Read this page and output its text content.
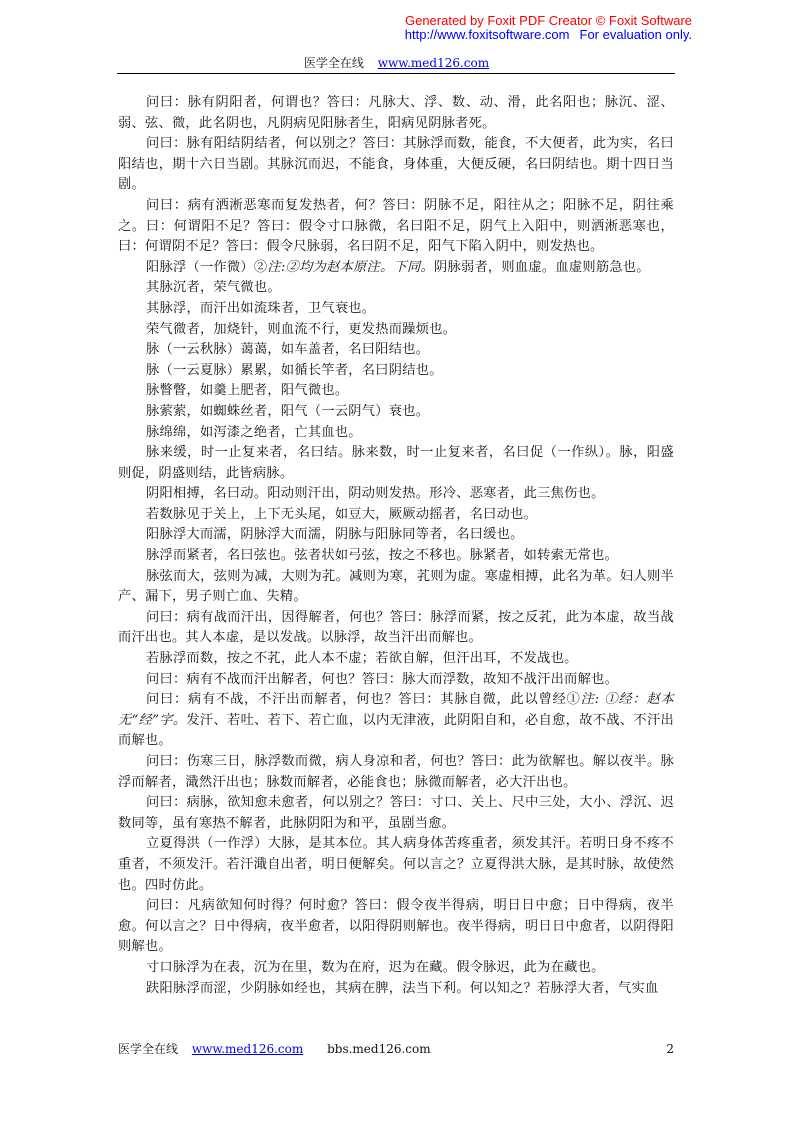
Generated by Foxit PDF Creator © Foxit Software
http://www.foxitsoftware.com For evaluation only.
医学全在线 www.med126.com

问曰：脉有阴阳者，何谓也？答曰：凡脉大、浮、数、动、滑，此名阳也；脉沉、涩、弱、弦、微，此名阴也，凡阴病见阳脉者生，阳病见阴脉者死。

问曰：脉有阳结阴结者，何以别之？答曰：其脉浮而数，能食，不大便者，此为实，名曰阳结也，期十六日当剧。其脉沉而迟，不能食，身体重，大便反硬，名曰阴结也。期十四日当剧。

问曰：病有洒淅恶寒而复发热者，何？答曰：阴脉不足，阳往从之；阳脉不足，阴往乘之。曰：何谓阳不足？答曰：假令寸口脉微，名曰阳不足，阴气上入阳中，则洒淅恶寒也，曰：何谓阴不足？答曰：假令尺脉弱，名曰阴不足，阳气下陷入阴中，则发热也。

阳脉浮（一作微）②注:②均为赵本原注。下同。阴脉弱者，则血虚。血虚则筋急也。

其脉沉者，荣气微也。

其脉浮，而汗出如流珠者，卫气衰也。

荣气微者，加烧针，则血流不行，更发热而躁烦也。

脉（一云秋脉）蔼蔼，如车盖者，名曰阳结也。

脉（一云夏脉）累累，如循长竿者，名曰阴结也。

脉瞥瞥，如羹上肥者，阳气微也。

脉萦萦，如蜘蛛丝者，阳气（一云阴气）衰也。

脉绵绵，如泻漆之绝者，亡其血也。

脉来缓，时一止复来者，名曰结。脉来数，时一止复来者，名曰促（一作纵）。脉，阳盛则促，阴盛则结，此皆病脉。

阴阳相搏，名曰动。阳动则汗出，阴动则发热。形冷、恶寒者，此三焦伤也。

若数脉见于关上，上下无头尾，如豆大，厥厥动摇者，名曰动也。

阳脉浮大而濡，阴脉浮大而濡，阴脉与阳脉同等者，名曰缓也。

脉浮而紧者，名曰弦也。弦者状如弓弦，按之不移也。脉紧者，如转索无常也。

脉弦而大，弦则为减，大则为芤。减则为寒，芤则为虚。寒虚相搏，此名为革。妇人则半产、漏下，男子则亡血、失精。

问曰：病有战而汗出，因得解者，何也？答曰：脉浮而紧，按之反芤，此为本虚，故当战而汗出也。其人本虚，是以发战。以脉浮，故当汗出而解也。

若脉浮而数，按之不芤，此人本不虚；若欲自解，但汗出耳，不发战也。

问曰：病有不战而汗出解者，何也？答曰：脉大而浮数，故知不战汗出而解也。

问曰：病有不战，不汗出而解者，何也？答曰：其脉自微，此以曾经①注: ①经：赵本无“经”字。发汗、若吐、若下、若亡血，以内无津液，此阴阳自和，必自愈，故不战、不汗出而解也。

问曰：伤寒三日，脉浮数而微，病人身凉和者，何也？答曰：此为欲解也。解以夜半。脉浮而解者，濈然汗出也；脉数而解者，必能食也；脉微而解者，必大汗出也。

问曰：病脉，欲知愈未愈者，何以别之？答曰：寸口、关上、尺中三处，大小、浮沉、迟数同等，虽有寒热不解者，此脉阴阳为和平，虽剧当愈。

立夏得洪（一作浮）大脉，是其本位。其人病身体苦疼重者，须发其汗。若明日身不疼不重者，不须发汗。若汗濈自出者，明日便解矣。何以言之？立夏得洪大脉，是其时脉，故使然也。四时仿此。

问曰：凡病欲知何时得？何时愈？答曰：假令夜半得病，明日日中愈；日中得病，夜半愈。何以言之？日中得病，夜半愈者，以阳得阴则解也。夜半得病，明日日中愈者，以阴得阳则解也。

寸口脉浮为在表，沉为在里，数为在府，迟为在藏。假令脉迟，此为在藏也。

趺阳脉浮而涩，少阴脉如经也，其病在脾，法当下利。何以知之？若脉浮大者，气实血

医学全在线 www.med126.com bbs.med126.com	2
